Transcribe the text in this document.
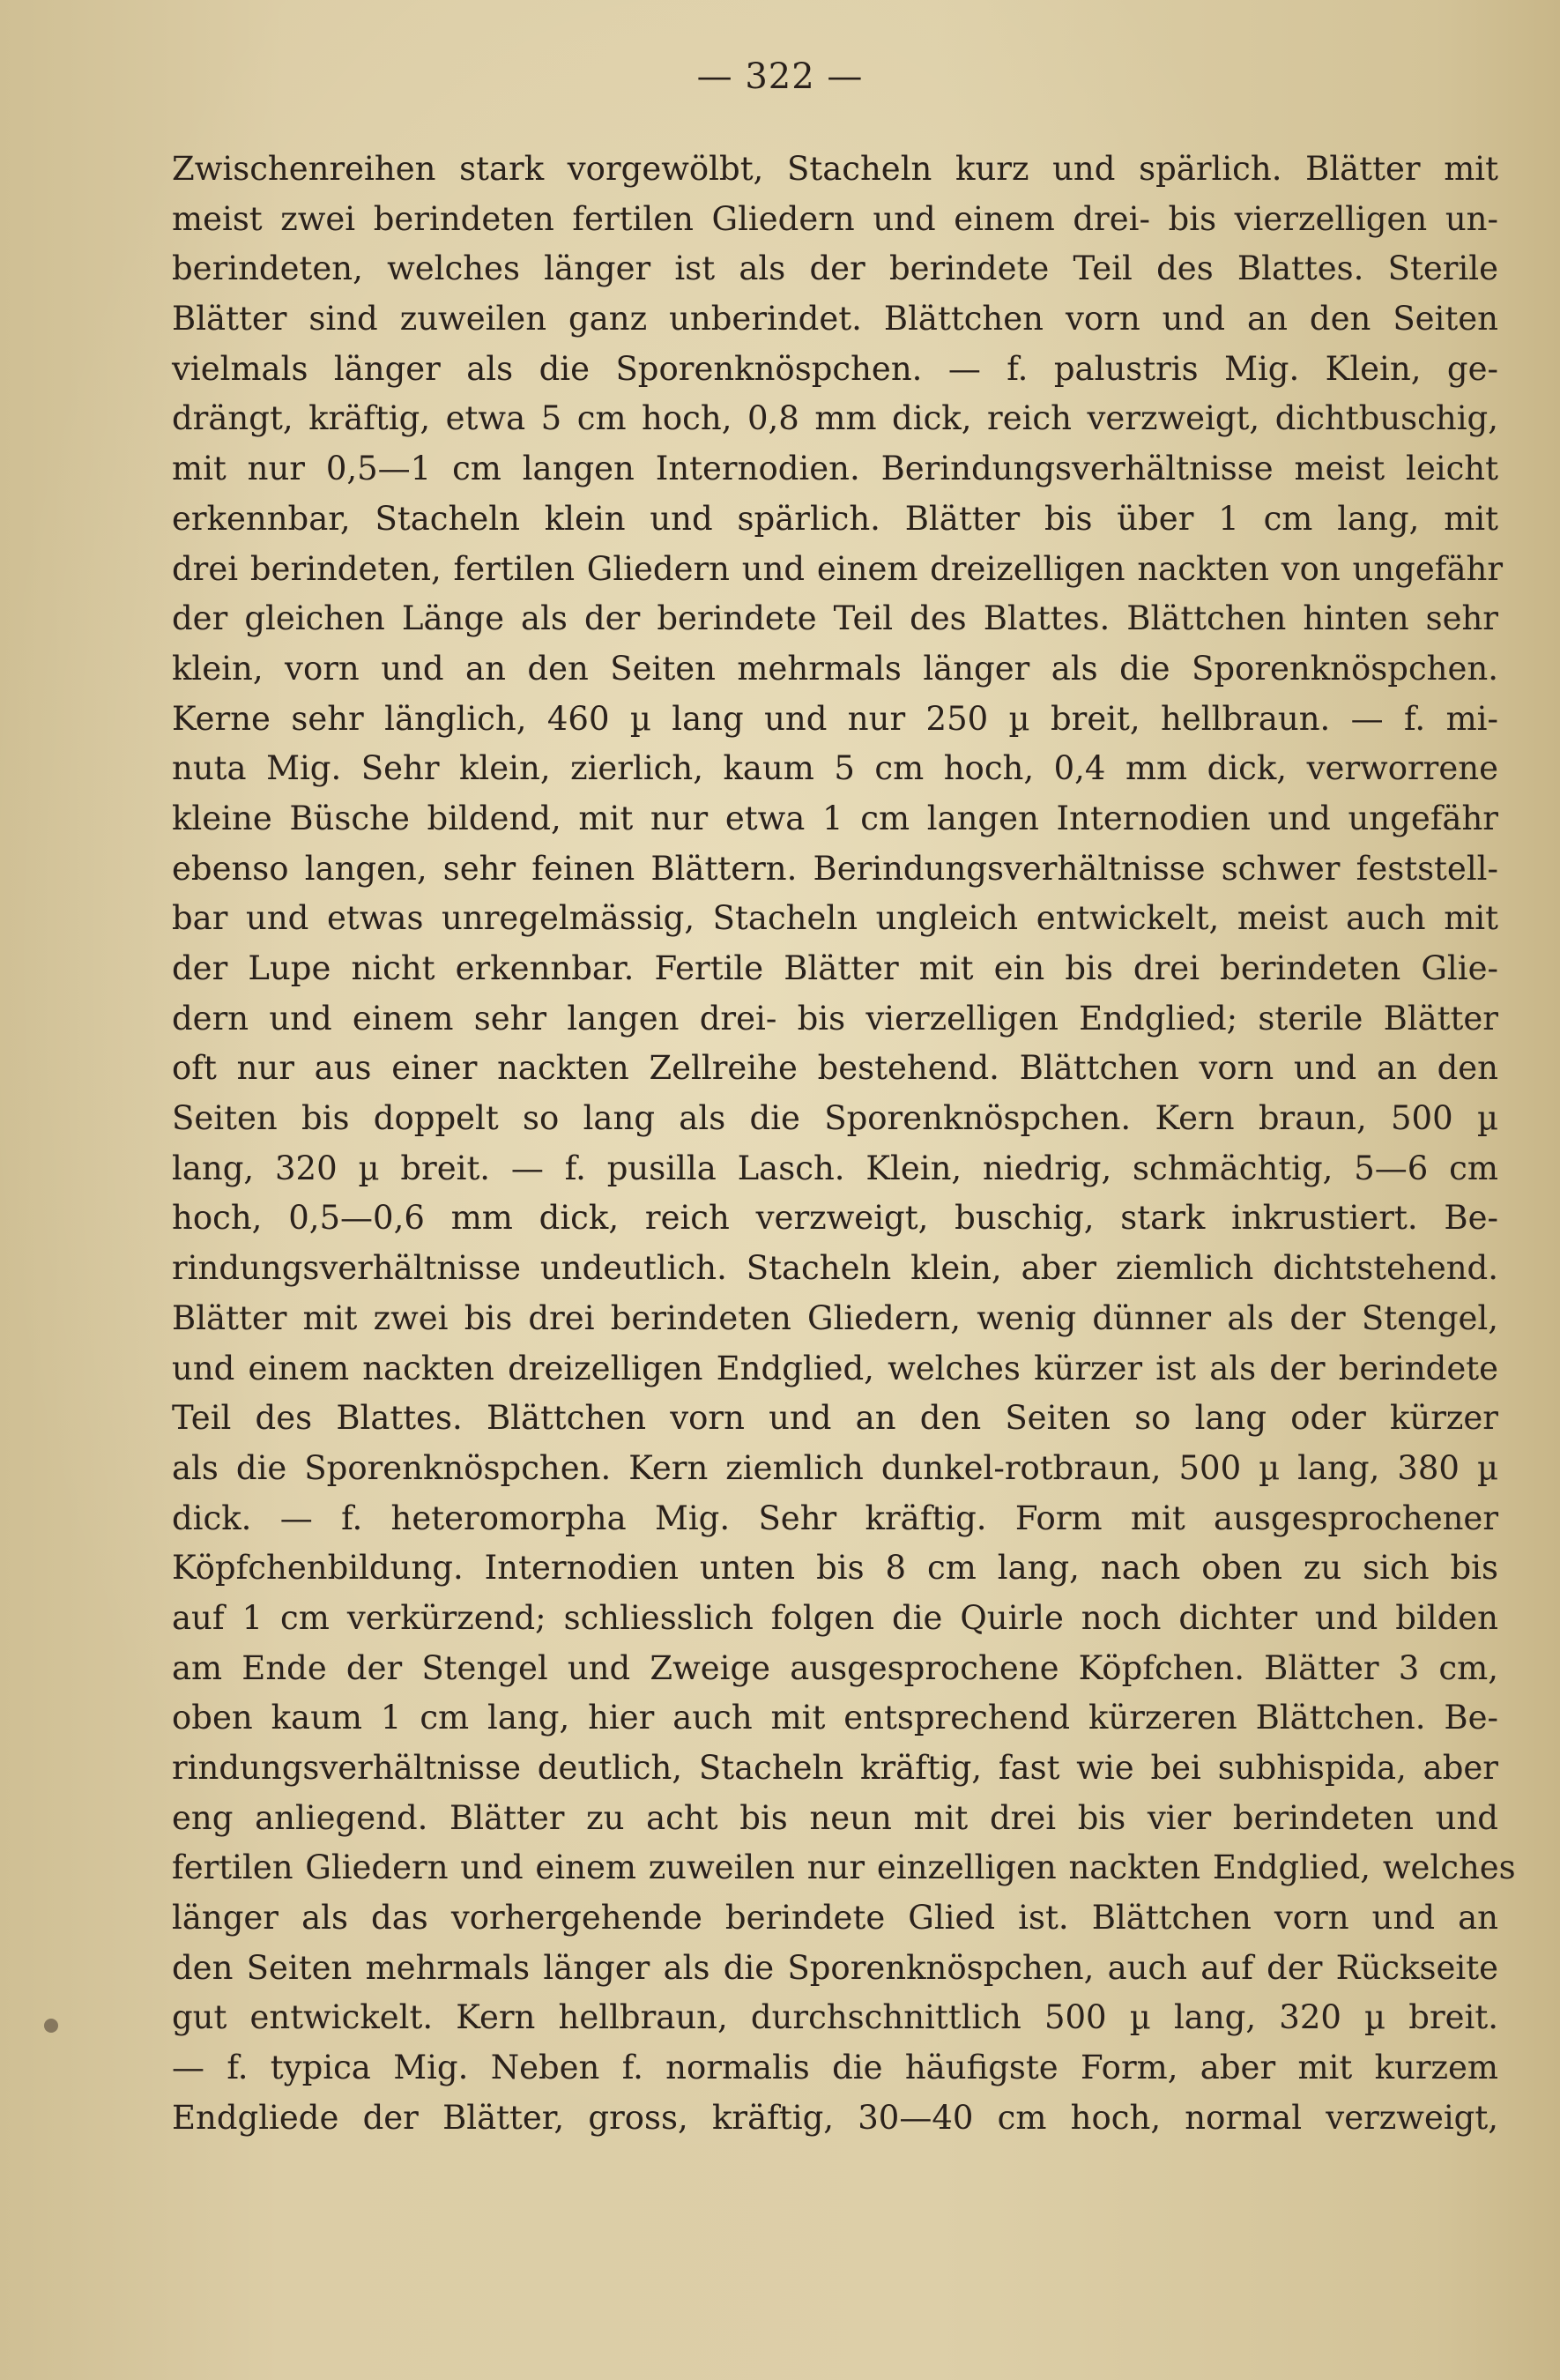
— 322 —
Zwischenreihen stark vorgewölbt, Stacheln kurz und spärlich. Blätter mit
meist zwei berindeten fertilen Gliedern und einem drei- bis vierzelligen un-
berindeten, welches länger ist als der berindete Teil des Blattes. Sterile
Blätter sind zuweilen ganz unberindet. Blättchen vorn und an den Seiten
vielmals länger als die Sporenknöspchen. — f. palustris Mig. Klein, ge-
drängt, kräftig, etwa 5 cm hoch, 0,8 mm dick, reich verzweigt, dichtbuschig,
mit nur 0,5—1 cm langen Internodien. Berindungsverhältnisse meist leicht
erkennbar, Stacheln klein und spärlich. Blätter bis über 1 cm lang, mit
drei berindeten, fertilen Gliedern und einem dreizelligen nackten von ungefähr
der gleichen Länge als der berindete Teil des Blattes. Blättchen hinten sehr
klein, vorn und an den Seiten mehrmals länger als die Sporenknöspchen.
Kerne sehr länglich, 460 µ lang und nur 250 µ breit, hellbraun. — f. mi-
nuta Mig. Sehr klein, zierlich, kaum 5 cm hoch, 0,4 mm dick, verworrene
kleine Büsche bildend, mit nur etwa 1 cm langen Internodien und ungefähr
ebenso langen, sehr feinen Blättern. Berindungsverhältnisse schwer feststell-
bar und etwas unregelmässig, Stacheln ungleich entwickelt, meist auch mit
der Lupe nicht erkennbar. Fertile Blätter mit ein bis drei berindeten Glie-
dern und einem sehr langen drei- bis vierzelligen Endglied; sterile Blätter
oft nur aus einer nackten Zellreihe bestehend. Blättchen vorn und an den
Seiten bis doppelt so lang als die Sporenknöspchen. Kern braun, 500 µ
lang, 320 µ breit. — f. pusilla Lasch. Klein, niedrig, schmächtig, 5—6 cm
hoch, 0,5—0,6 mm dick, reich verzweigt, buschig, stark inkrustiert. Be-
rindungsverhältnisse undeutlich. Stacheln klein, aber ziemlich dichtstehend.
Blätter mit zwei bis drei berindeten Gliedern, wenig dünner als der Stengel,
und einem nackten dreizelligen Endglied, welches kürzer ist als der berindete
Teil des Blattes. Blättchen vorn und an den Seiten so lang oder kürzer
als die Sporenknöspchen. Kern ziemlich dunkel-rotbraun, 500 µ lang, 380 µ
dick. — f. heteromorpha Mig. Sehr kräftig. Form mit ausgesprochener
Köpfchenbildung. Internodien unten bis 8 cm lang, nach oben zu sich bis
auf 1 cm verkürzend; schliesslich folgen die Quirle noch dichter und bilden
am Ende der Stengel und Zweige ausgesprochene Köpfchen. Blätter 3 cm,
oben kaum 1 cm lang, hier auch mit entsprechend kürzeren Blättchen. Be-
rindungsverhältnisse deutlich, Stacheln kräftig, fast wie bei subhispida, aber
eng anliegend. Blätter zu acht bis neun mit drei bis vier berindeten und
fertilen Gliedern und einem zuweilen nur einzelligen nackten Endglied, welches
länger als das vorhergehende berindete Glied ist. Blättchen vorn und an
den Seiten mehrmals länger als die Sporenknöspchen, auch auf der Rückseite
gut entwickelt. Kern hellbraun, durchschnittlich 500 µ lang, 320 µ breit.
— f. typica Mig. Neben f. normalis die häufigste Form, aber mit kurzem
Endgliede der Blätter, gross, kräftig, 30—40 cm hoch, normal verzweigt,
